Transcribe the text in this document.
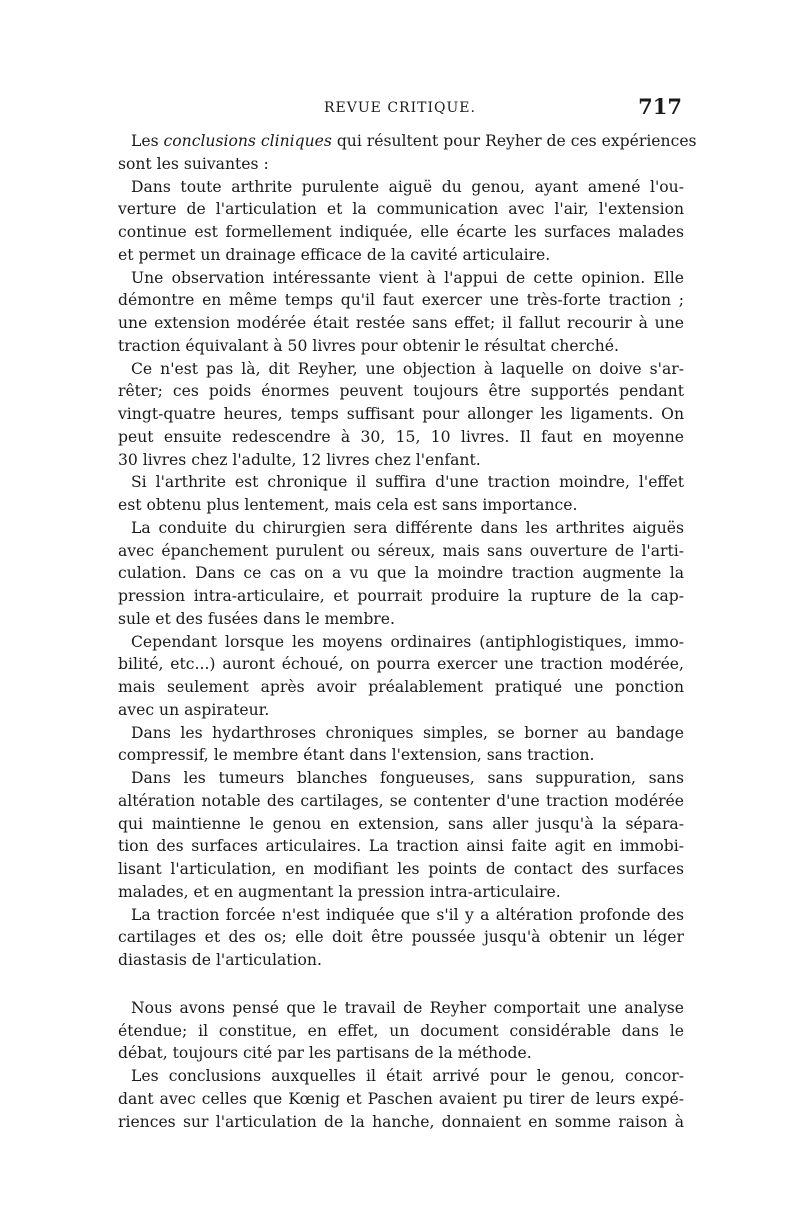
REVUE CRITIQUE.	717
Les conclusions cliniques qui résultent pour Reyher de ces expériences
sont les suivantes :
Dans toute arthrite purulente aiguë du genou, ayant amené l'ou-
verture de l'articulation et la communication avec l'air, l'extension
continue est formellement indiquée, elle écarte les surfaces malades
et permet un drainage efficace de la cavité articulaire.
Une observation intéressante vient à l'appui de cette opinion. Elle
démontre en même temps qu'il faut exercer une très-forte traction ;
une extension modérée était restée sans effet; il fallut recourir à une
traction équivalant à 50 livres pour obtenir le résultat cherché.
Ce n'est pas là, dit Reyher, une objection à laquelle on doive s'ar-
rêter; ces poids énormes peuvent toujours être supportés pendant
vingt-quatre heures, temps suffisant pour allonger les ligaments. On
peut ensuite redescendre à 30, 15, 10 livres. Il faut en moyenne
30 livres chez l'adulte, 12 livres chez l'enfant.
Si l'arthrite est chronique il suffira d'une traction moindre, l'effet
est obtenu plus lentement, mais cela est sans importance.
La conduite du chirurgien sera différente dans les arthrites aiguës
avec épanchement purulent ou séreux, mais sans ouverture de l'arti-
culation. Dans ce cas on a vu que la moindre traction augmente la
pression intra-articulaire, et pourrait produire la rupture de la cap-
sule et des fusées dans le membre.
Cependant lorsque les moyens ordinaires (antiphlogistiques, immo-
bilité, etc...) auront échoué, on pourra exercer une traction modérée,
mais seulement après avoir préalablement pratiqué une ponction
avec un aspirateur.
Dans les hydarthroses chroniques simples, se borner au bandage
compressif, le membre étant dans l'extension, sans traction.
Dans les tumeurs blanches fongueuses, sans suppuration, sans
altération notable des cartilages, se contenter d'une traction modérée
qui maintienne le genou en extension, sans aller jusqu'à la sépara-
tion des surfaces articulaires. La traction ainsi faite agit en immobi-
lisant l'articulation, en modifiant les points de contact des surfaces
malades, et en augmentant la pression intra-articulaire.
La traction forcée n'est indiquée que s'il y a altération profonde des
cartilages et des os; elle doit être poussée jusqu'à obtenir un léger
diastasis de l'articulation.
Nous avons pensé que le travail de Reyher comportait une analyse
étendue; il constitue, en effet, un document considérable dans le
débat, toujours cité par les partisans de la méthode.
Les conclusions auxquelles il était arrivé pour le genou, concor-
dant avec celles que Kœnig et Paschen avaient pu tirer de leurs expé-
riences sur l'articulation de la hanche, donnaient en somme raison à
